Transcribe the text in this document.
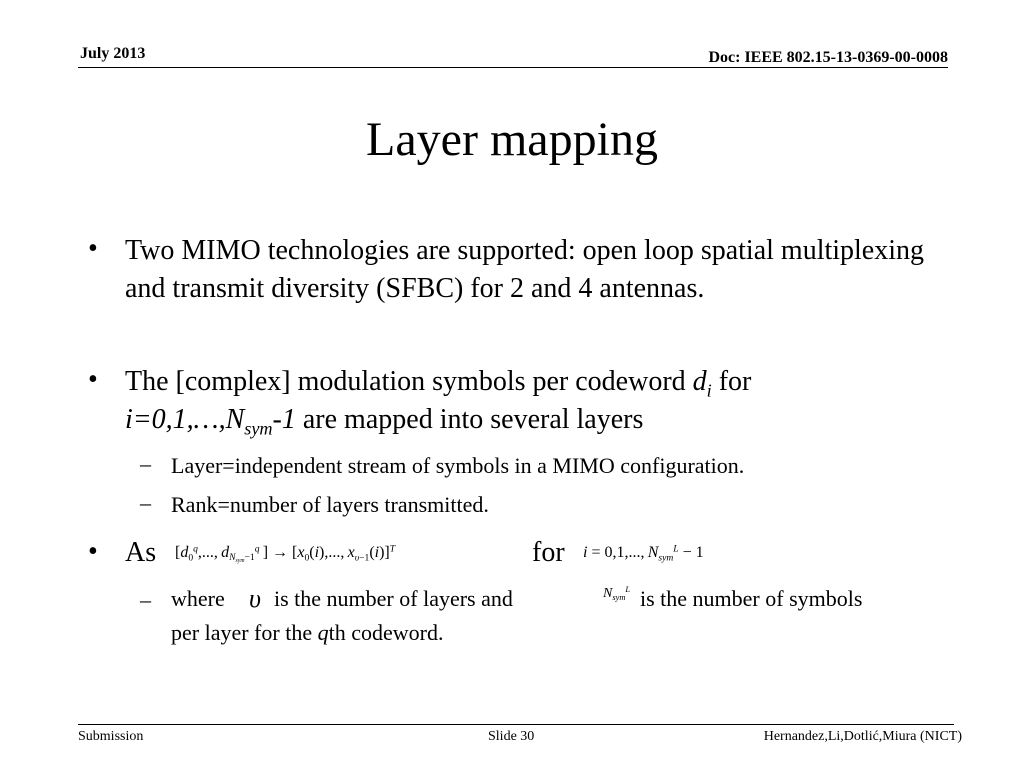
July 2013	Doc: IEEE 802.15-13-0369-00-0008
Layer mapping
• Two MIMO technologies are supported: open loop spatial multiplexing and transmit diversity (SFBC) for 2 and 4 antennas.
• The [complex] modulation symbols per codeword $d_i$ for
$i=0,1,\dots,N_{sym}-1$ are mapped into several layers
– Layer=independent stream of symbols in a MIMO configuration.
– Rank=number of layers transmitted.
• As [$d_0^q$,..., $d_{N_{sym}-1}^q$ ] → [$x_0(i)$,..., $x_{\upsilon-1}(i)]^T$	for i = 0,1,..., $N_{sym}^L - 1$
– where υ is the number of layers and	$N_{sym}^L$ is the number of symbols
per layer for the qth codeword.
Submission	Slide 30	Hernandez,Li,Dotlić,Miura (NICT)
